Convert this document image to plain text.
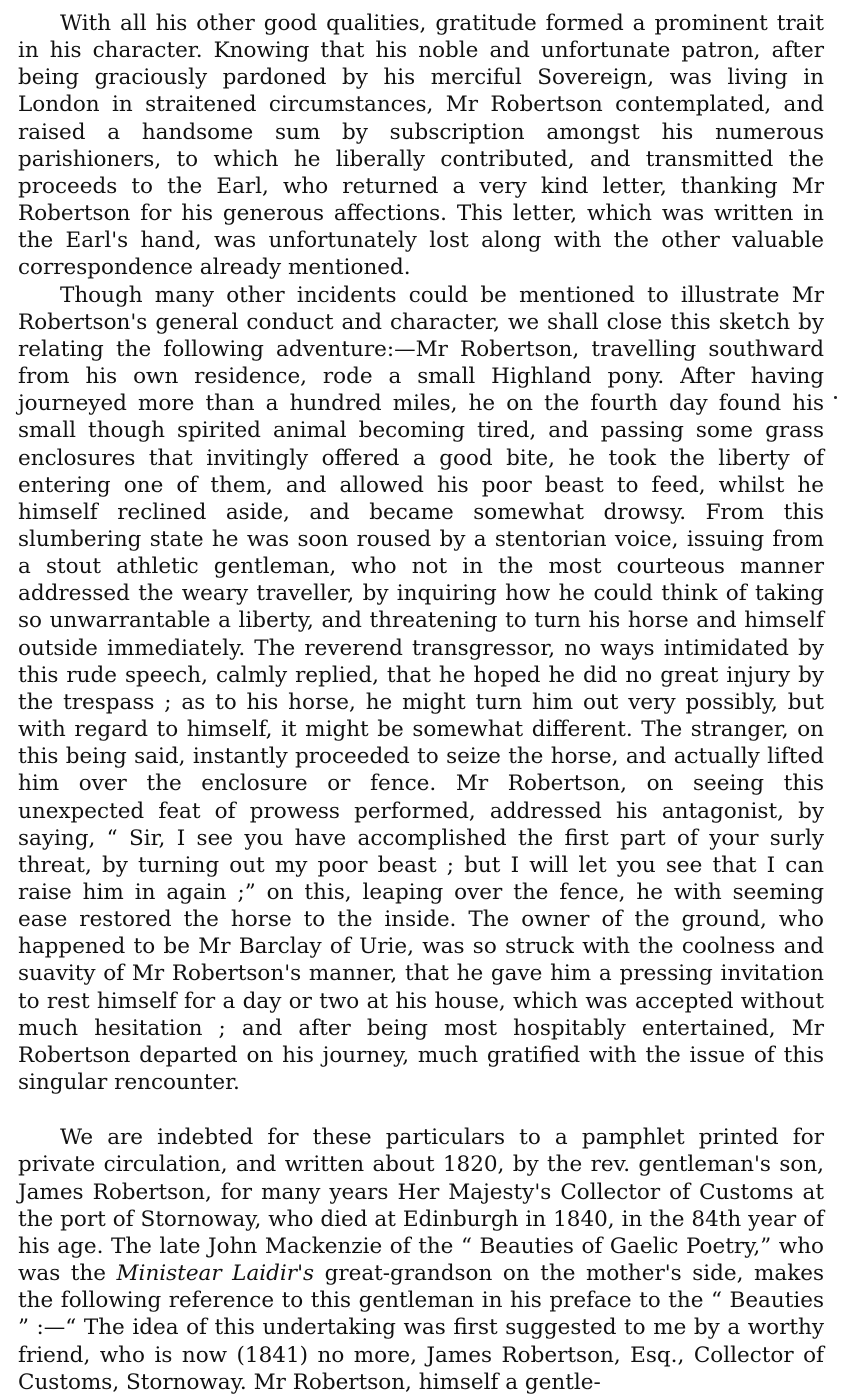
With all his other good qualities, gratitude formed a prominent trait in his character. Knowing that his noble and unfortunate patron, after being graciously pardoned by his merciful Sovereign, was living in London in straitened circumstances, Mr Robertson contemplated, and raised a handsome sum by subscription amongst his numerous parishioners, to which he liberally contributed, and transmitted the proceeds to the Earl, who returned a very kind letter, thanking Mr Robertson for his generous affections. This letter, which was written in the Earl's hand, was unfortunately lost along with the other valuable correspondence already mentioned.

Though many other incidents could be mentioned to illustrate Mr Robertson's general conduct and character, we shall close this sketch by relating the following adventure:—Mr Robertson, travelling southward from his own residence, rode a small Highland pony. After having journeyed more than a hundred miles, he on the fourth day found his small though spirited animal becoming tired, and passing some grass enclosures that invitingly offered a good bite, he took the liberty of entering one of them, and allowed his poor beast to feed, whilst he himself reclined aside, and became somewhat drowsy. From this slumbering state he was soon roused by a stentorian voice, issuing from a stout athletic gentleman, who not in the most courteous manner addressed the weary traveller, by inquiring how he could think of taking so unwarrantable a liberty, and threatening to turn his horse and himself outside immediately. The reverend transgressor, no ways intimidated by this rude speech, calmly replied, that he hoped he did no great injury by the trespass ; as to his horse, he might turn him out very possibly, but with regard to himself, it might be somewhat different. The stranger, on this being said, instantly proceeded to seize the horse, and actually lifted him over the enclosure or fence. Mr Robertson, on seeing this unexpected feat of prowess performed, addressed his antagonist, by saying, “ Sir, I see you have accomplished the first part of your surly threat, by turning out my poor beast ; but I will let you see that I can raise him in again ;” on this, leaping over the fence, he with seeming ease restored the horse to the inside. The owner of the ground, who happened to be Mr Barclay of Urie, was so struck with the coolness and suavity of Mr Robertson's manner, that he gave him a pressing invitation to rest himself for a day or two at his house, which was accepted without much hesitation ; and after being most hospitably entertained, Mr Robertson departed on his journey, much gratified with the issue of this singular rencounter.

We are indebted for these particulars to a pamphlet printed for private circulation, and written about 1820, by the rev. gentleman's son, James Robertson, for many years Her Majesty's Collector of Customs at the port of Stornoway, who died at Edinburgh in 1840, in the 84th year of his age. The late John Mackenzie of the “ Beauties of Gaelic Poetry,” who was the Ministear Laidir's great-grandson on the mother's side, makes the following reference to this gentleman in his preface to the “ Beauties ” :—“ The idea of this undertaking was first suggested to me by a worthy friend, who is now (1841) no more, James Robertson, Esq., Collector of Customs, Stornoway. Mr Robertson, himself a gentle-
